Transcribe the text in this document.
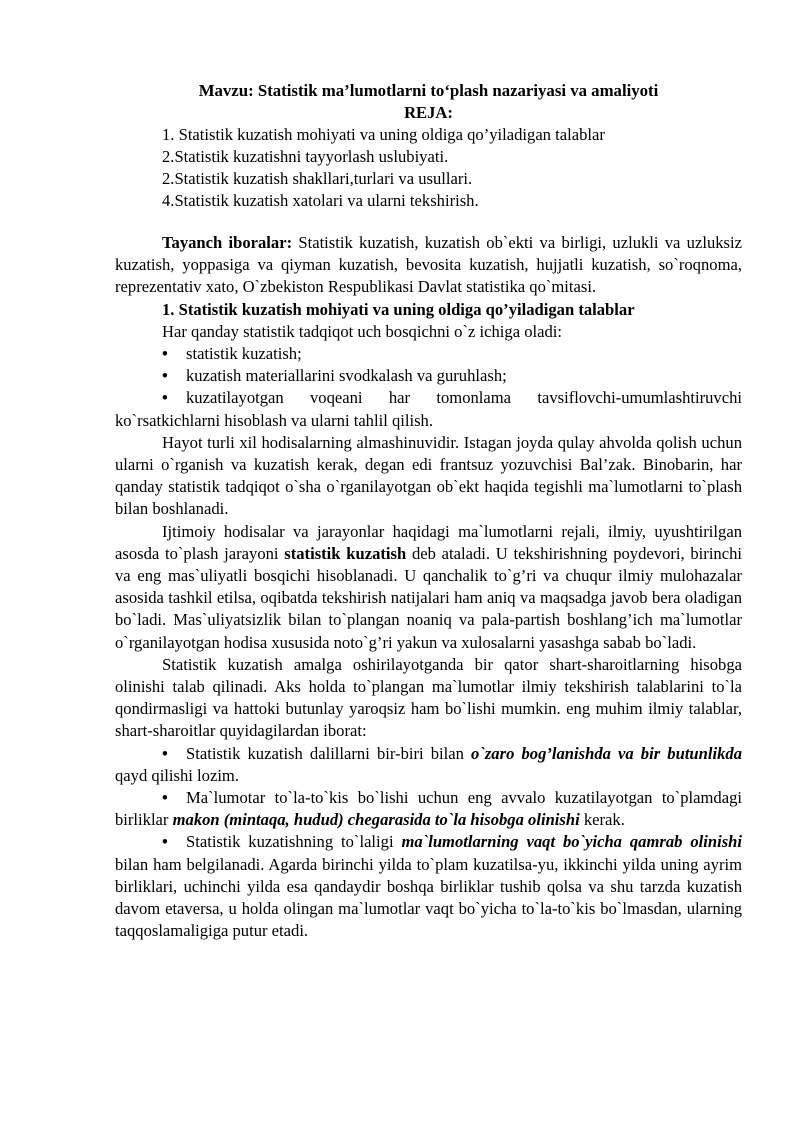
Mavzu: Statistik ma’lumotlarni to‘plash nazariyasi va amaliyoti

REJA:

1. Statistik kuzatish mohiyati va uning oldiga qo’yiladigan talablar
2.Statistik kuzatishni tayyorlash uslubiyati.
2.Statistik kuzatish shakllari,turlari va usullari.
4.Statistik kuzatish xatolari va ularni tekshirish.

Tayanch iboralar: Statistik kuzatish, kuzatish ob`ekti va birligi, uzlukli va uzluksiz kuzatish, yoppasiga va qiyman kuzatish, bevosita kuzatish, hujjatli kuzatish, so`roqnoma, reprezentativ xato, O`zbekiston Respublikasi Davlat statistika qo`mitasi.

1. Statistik kuzatish mohiyati va uning oldiga qo’yiladigan talablar

Har qanday statistik tadqiqot uch bosqichni o`z ichiga oladi:

•statistik kuzatish;

•kuzatish materiallarini svodkalash va guruhlash;

•kuzatilayotgan voqeani har tomonlama tavsiflovchi-umumlashtiruvchi ko`rsatkichlarni hisoblash va ularni tahlil qilish.

Hayot turli xil hodisalarning almashinuvidir. Istagan joyda qulay ahvolda qolish uchun ularni o`rganish va kuzatish kerak, degan edi frantsuz yozuvchisi Bal’zak. Binobarin, har qanday statistik tadqiqot o`sha o`rganilayotgan ob`ekt haqida tegishli ma`lumotlarni to`plash bilan boshlanadi.

Ijtimoiy hodisalar va jarayonlar haqidagi ma`lumotlarni rejali, ilmiy, uyushtirilgan asosda to`plash jarayoni statistik kuzatish deb ataladi. U tekshirishning poydevori, birinchi va eng mas`uliyatli bosqichi hisoblanadi. U qanchalik to`g’ri va chuqur ilmiy mulohazalar asosida tashkil etilsa, oqibatda tekshirish natijalari ham aniq va maqsadga javob bera oladigan bo`ladi. Mas`uliyatsizlik bilan to`plangan noaniq va pala-partish boshlang’ich ma`lumotlar o`rganilayotgan hodisa xususida noto`g’ri yakun va xulosalarni yasashga sabab bo`ladi.

Statistik kuzatish amalga oshirilayotganda bir qator shart-sharoitlarning hisobga olinishi talab qilinadi. Aks holda to`plangan ma`lumotlar ilmiy tekshirish talablarini to`la qondirmasligi va hattoki butunlay yaroqsiz ham bo`lishi mumkin. eng muhim ilmiy talablar, shart-sharoitlar quyidagilardan iborat:

•Statistik kuzatish dalillarni bir-biri bilan o`zaro bog’lanishda va bir butunlikda qayd qilishi lozim.

•Ma`lumotar to`la-to`kis bo`lishi uchun eng avvalo kuzatilayotgan to`plamdagi birliklar makon (mintaqa, hudud) chegarasida to`la hisobga olinishi kerak.

•Statistik kuzatishning to`laligi ma`lumotlarning vaqt bo`yicha qamrab olinishi bilan ham belgilanadi. Agarda birinchi yilda to`plam kuzatilsa-yu, ikkinchi yilda uning ayrim birliklari, uchinchi yilda esa qandaydir boshqa birliklar tushib qolsa va shu tarzda kuzatish davom etaversa, u holda olingan ma`lumotlar vaqt bo`yicha to`la-to`kis bo`lmasdan, ularning taqqoslamaligiga putur etadi.
